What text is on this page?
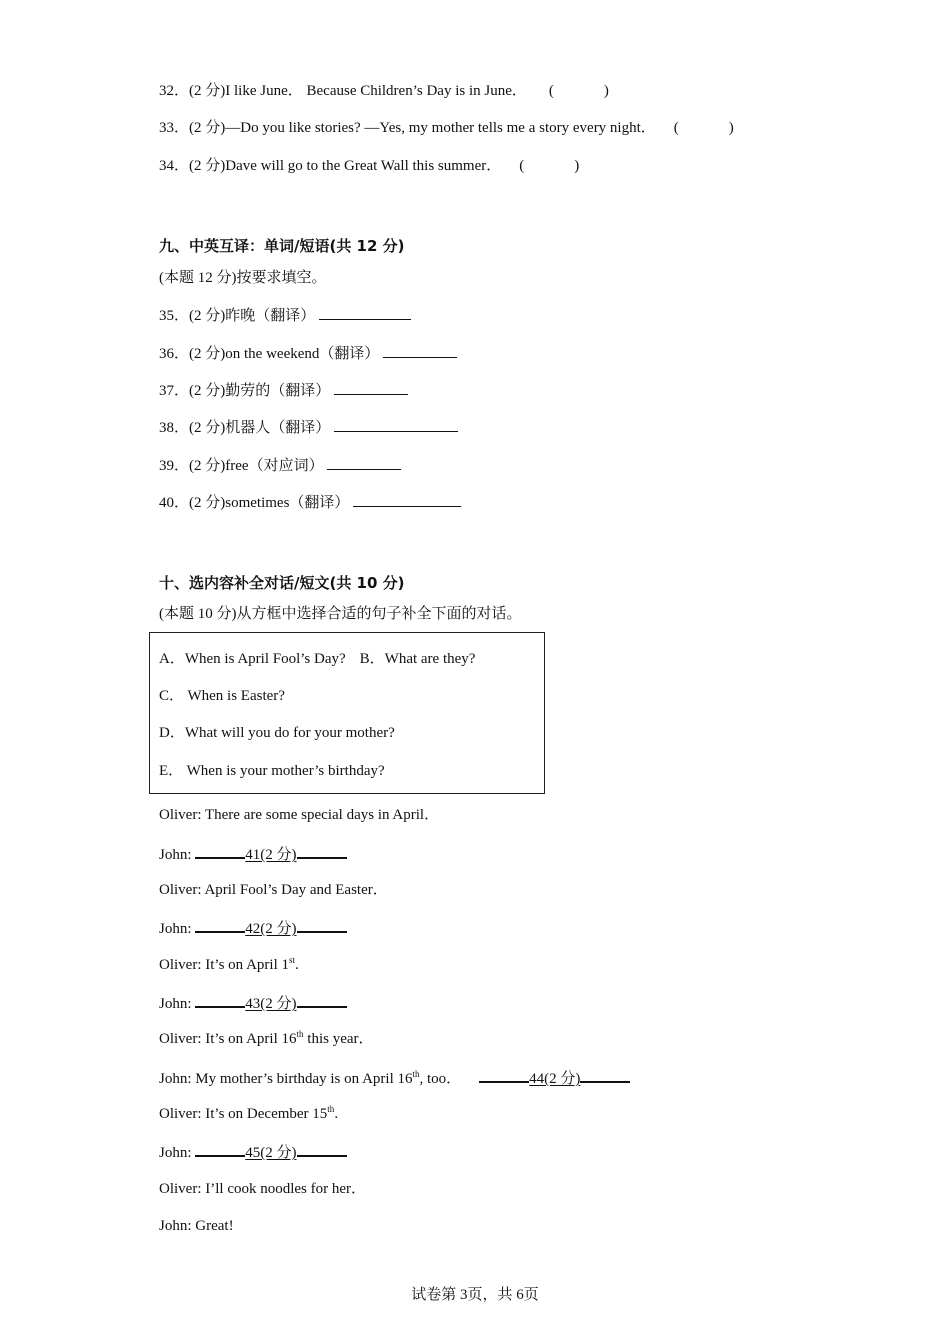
32．(2 分)I like June． Because Children’s Day is in June． (	)
33．(2 分)—Do you like stories? —Yes, my mother tells me a story every night． (	)
34．(2 分)Dave will go to the Great Wall this summer． (	)
九、中英互译：单词/短语(共 12 分)
(本题 12 分)按要求填空。
35．(2 分)昨晚（翻译）
36．(2 分)on the weekend（翻译）
37．(2 分)勤劳的（翻译）
38．(2 分)机器人（翻译）
39．(2 分)free（对应词）
40．(2 分)sometimes（翻译）
十、选内容补全对话/短文(共 10 分)
(本题 10 分)从方框中选择合适的句子补全下面的对话。
A．When is April Fool’s Day? B．What are they?
C． When is Easter?
D．What will you do for your mother?
E． When is your mother’s birthday?
Oliver: There are some special days in April．
John:	41(2 分)
Oliver: April Fool’s Day and Easter．
John:	42(2 分)
Oliver: It’s on April 1st.
John:	43(2 分)
Oliver: It’s on April 16th this year．
John: My mother’s birthday is on April 16th, too．	44(2 分)
Oliver: It’s on December 15th.
John:	45(2 分)
Oliver: I’ll cook noodles for her．
John: Great!
试卷第 3页，共 6页
